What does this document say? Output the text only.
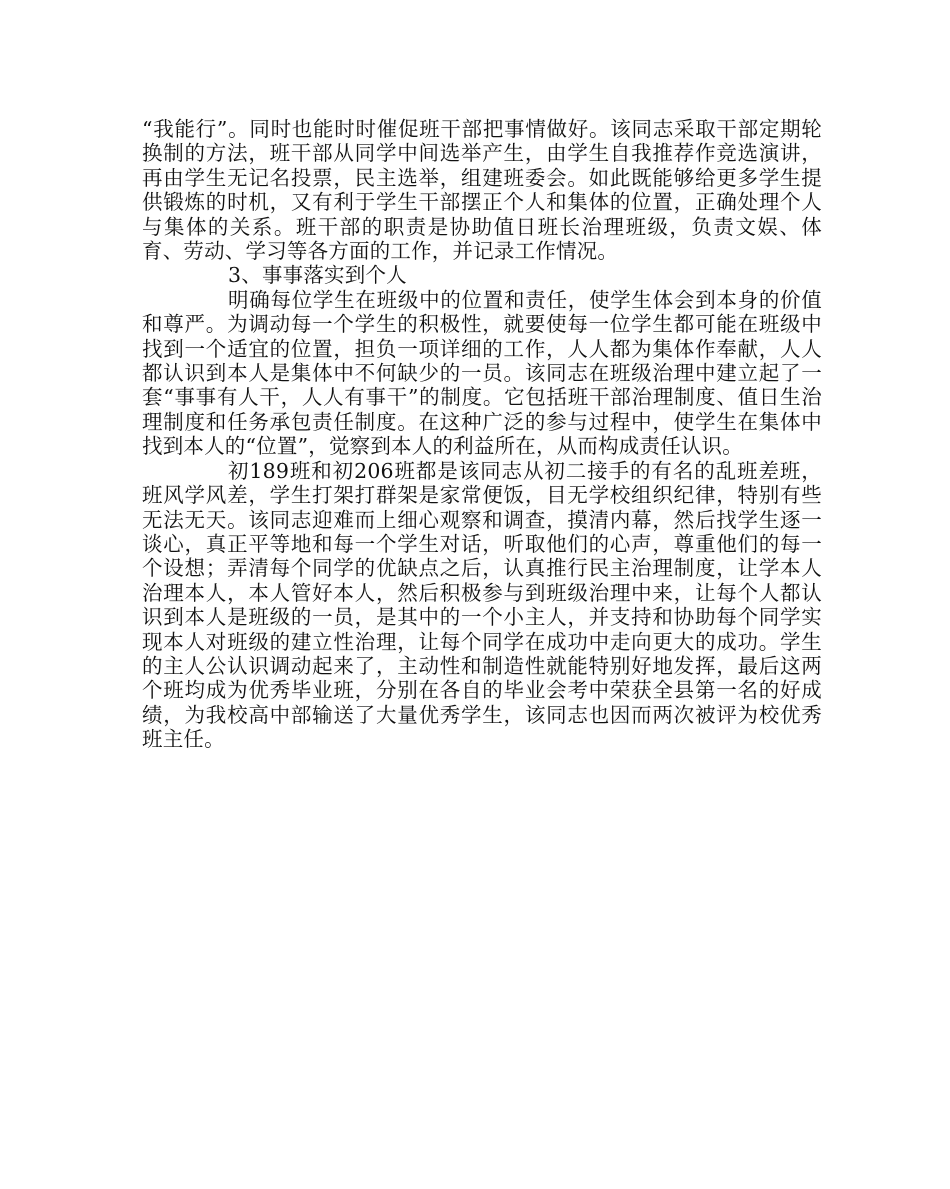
“我能行”。同时也能时时催促班干部把事情做好。该同志采取干部定期轮换制的方法，班干部从同学中间选举产生，由学生自我推荐作竞选演讲，再由学生无记名投票，民主选举，组建班委会。如此既能够给更多学生提供锻炼的时机，又有利于学生干部摆正个人和集体的位置，正确处理个人与集体的关系。班干部的职责是协助值日班长治理班级，负责文娱、体育、劳动、学习等各方面的工作，并记录工作情况。

3、事事落实到个人

明确每位学生在班级中的位置和责任，使学生体会到本身的价值和尊严。为调动每一个学生的积极性，就要使每一位学生都可能在班级中找到一个适宜的位置，担负一项详细的工作，人人都为集体作奉献，人人都认识到本人是集体中不何缺少的一员。该同志在班级治理中建立起了一套“事事有人干，人人有事干”的制度。它包括班干部治理制度、值日生治理制度和任务承包责任制度。在这种广泛的参与过程中，使学生在集体中找到本人的“位置”，觉察到本人的利益所在，从而构成责任认识。

初189班和初206班都是该同志从初二接手的有名的乱班差班，班风学风差，学生打架打群架是家常便饭，目无学校组织纪律，特别有些无法无天。该同志迎难而上细心观察和调查，摸清内幕，然后找学生逐一谈心，真正平等地和每一个学生对话，听取他们的心声，尊重他们的每一个设想；弄清每个同学的优缺点之后，认真推行民主治理制度，让学本人治理本人，本人管好本人，然后积极参与到班级治理中来，让每个人都认识到本人是班级的一员，是其中的一个小主人，并支持和协助每个同学实现本人对班级的建立性治理，让每个同学在成功中走向更大的成功。学生的主人公认识调动起来了，主动性和制造性就能特别好地发挥，最后这两个班均成为优秀毕业班，分别在各自的毕业会考中荣获全县第一名的好成绩，为我校高中部输送了大量优秀学生，该同志也因而两次被评为校优秀班主任。
